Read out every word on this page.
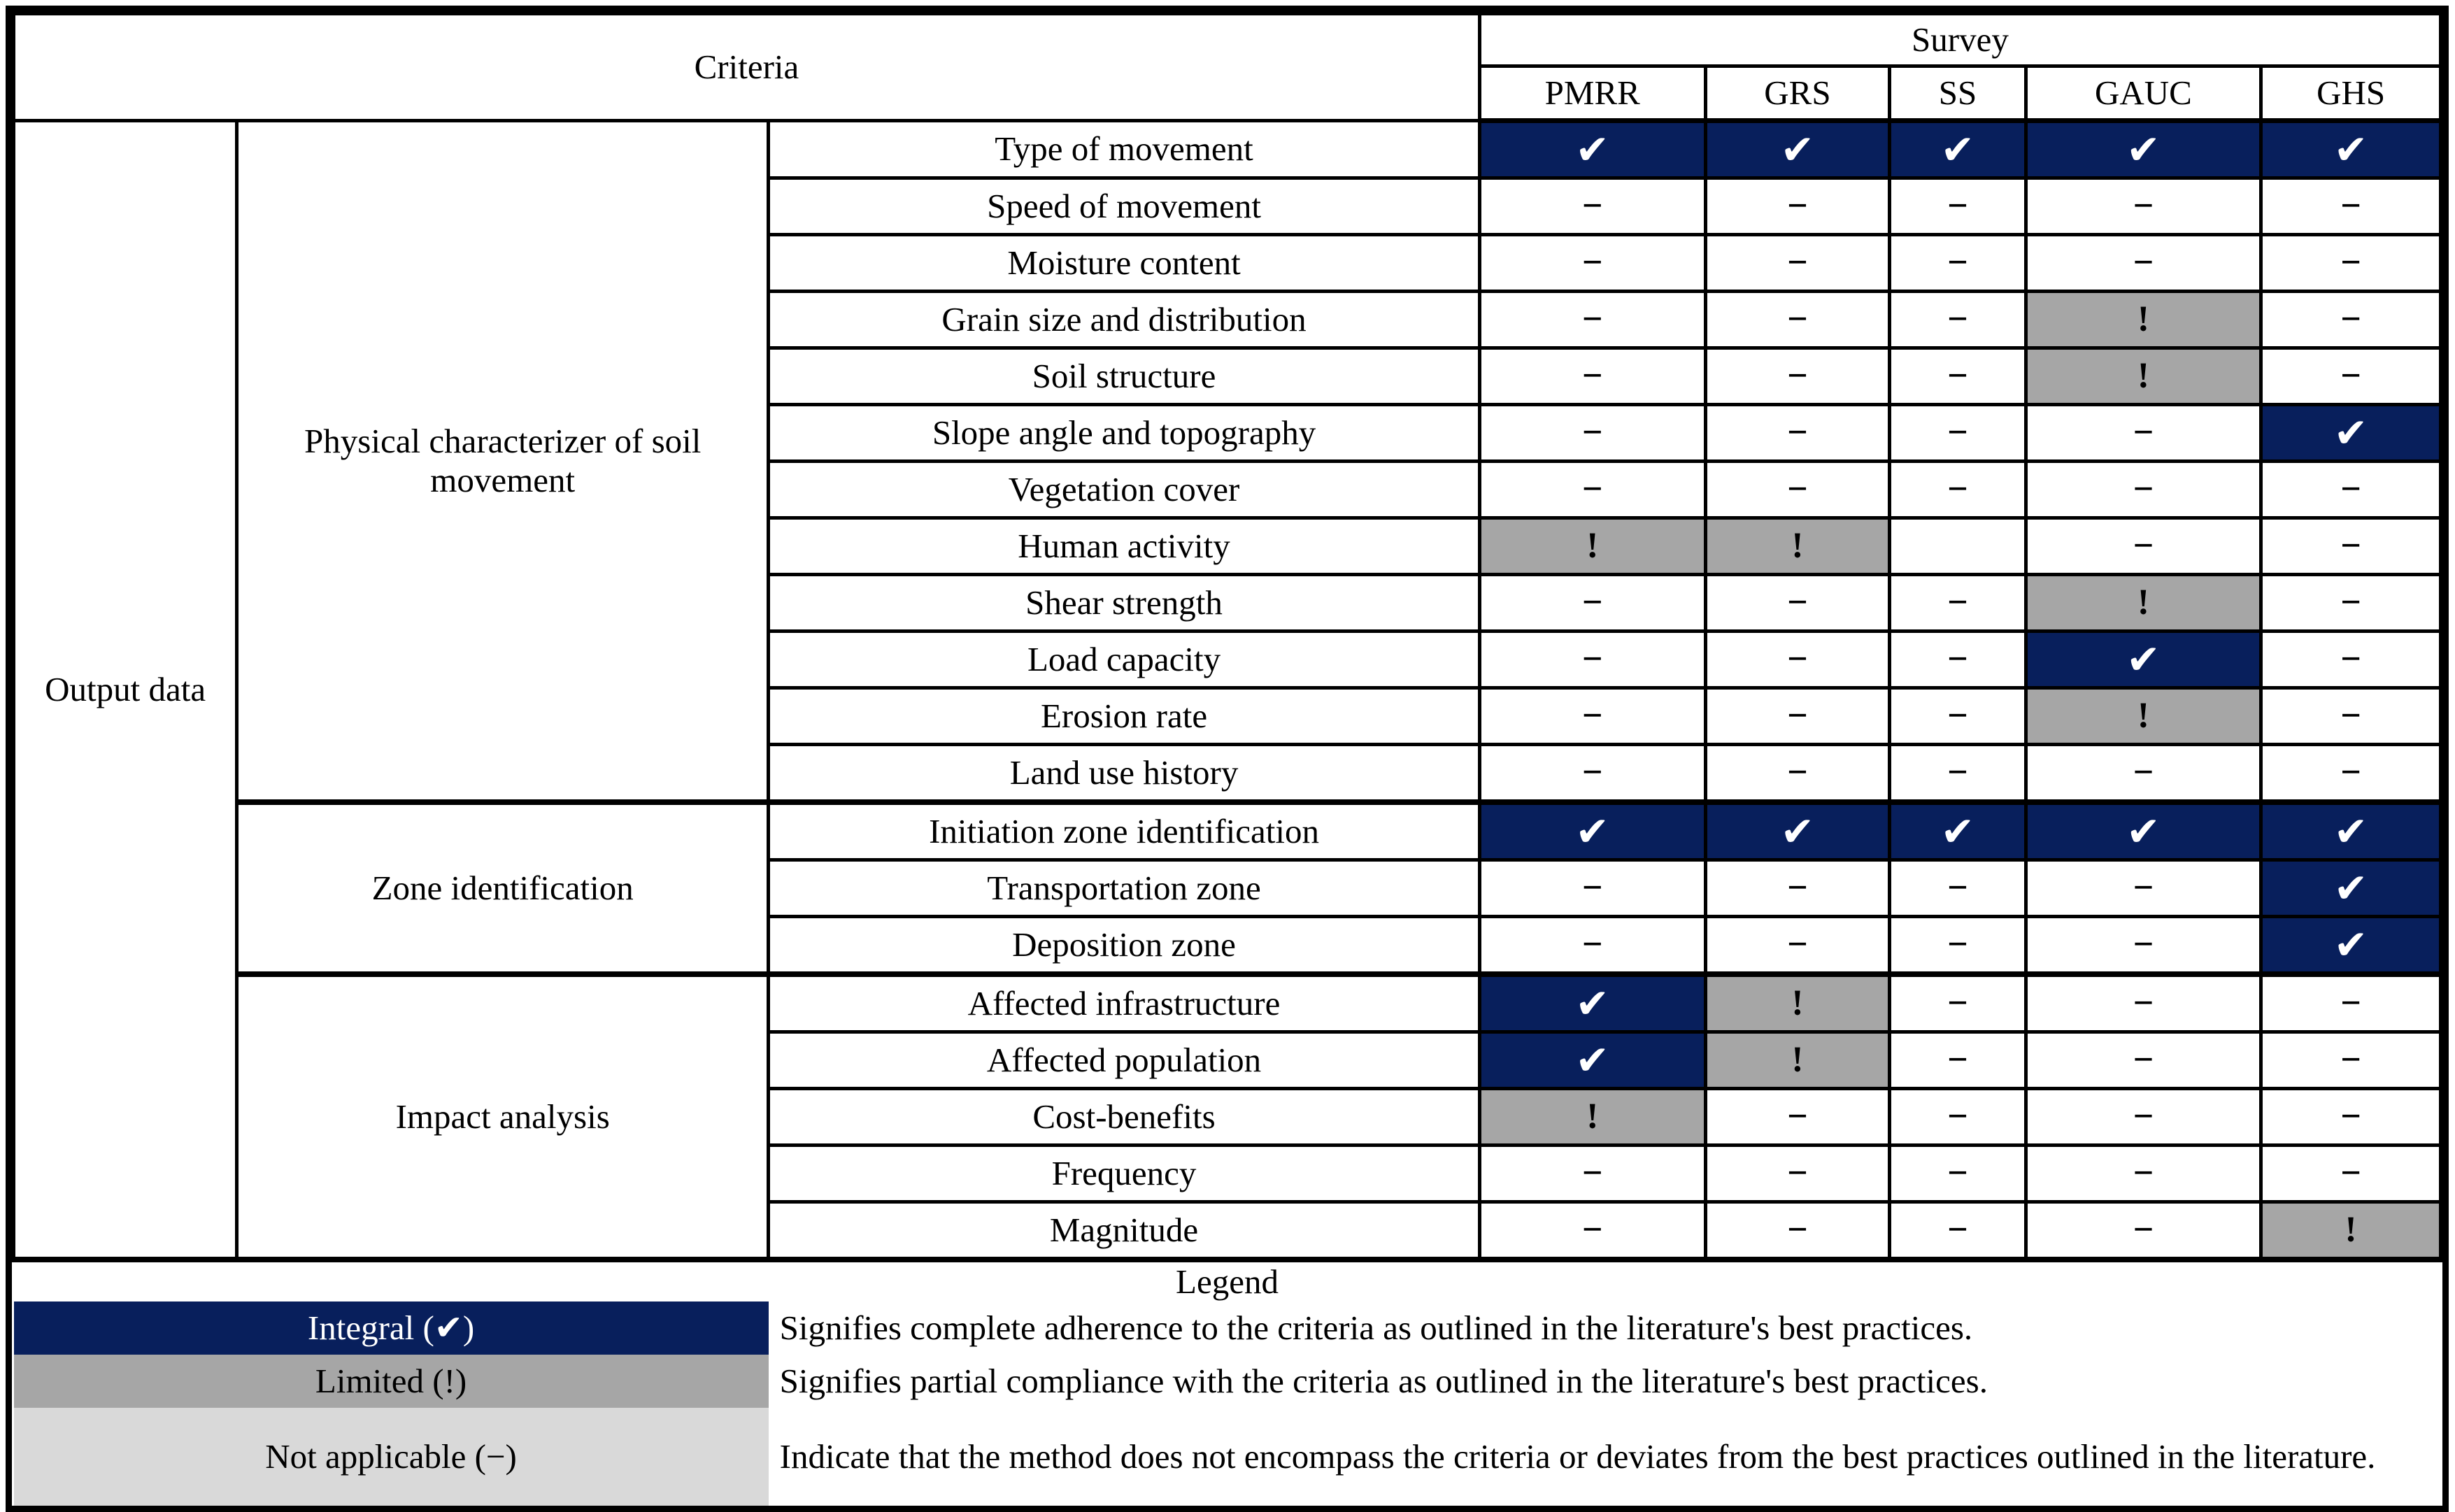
Criteria			Survey				
			PMRR	GRS	SS	GAUC	GHS
Output data	Physical characterizer of soil movement	Type of movement	✔	✔	✔	✔	✔
		Speed of movement	−	−	−	−	−
		Moisture content	−	−	−	−	−
		Grain size and distribution	−	−	−	!	−
		Soil structure	−	−	−	!	−
		Slope angle and topography	−	−	−	−	✔
		Vegetation cover	−	−	−	−	−
		Human activity	!	!		−	−
		Shear strength	−	−	−	!	−
		Load capacity	−	−	−	✔	−
		Erosion rate	−	−	−	!	−
		Land use history	−	−	−	−	−
	Zone identification	Initiation zone identification	✔	✔	✔	✔	✔
		Transportation zone	−	−	−	−	✔
		Deposition zone	−	−	−	−	✔
	Impact analysis	Affected infrastructure	✔	!	−	−	−
		Affected population	✔	!	−	−	−
		Cost-benefits	!	−	−	−	−
		Frequency	−	−	−	−	−
		Magnitude	−	−	−	−	!
Legend							
Integral (✔)		Signifies complete adherence to the criteria as outlined in the literature's best practices.					
Limited (!)		Signifies partial compliance with the criteria as outlined in the literature's best practices.					
Not applicable (−)		Indicate that the method does not encompass the criteria or deviates from the best practices outlined in the literature.					
